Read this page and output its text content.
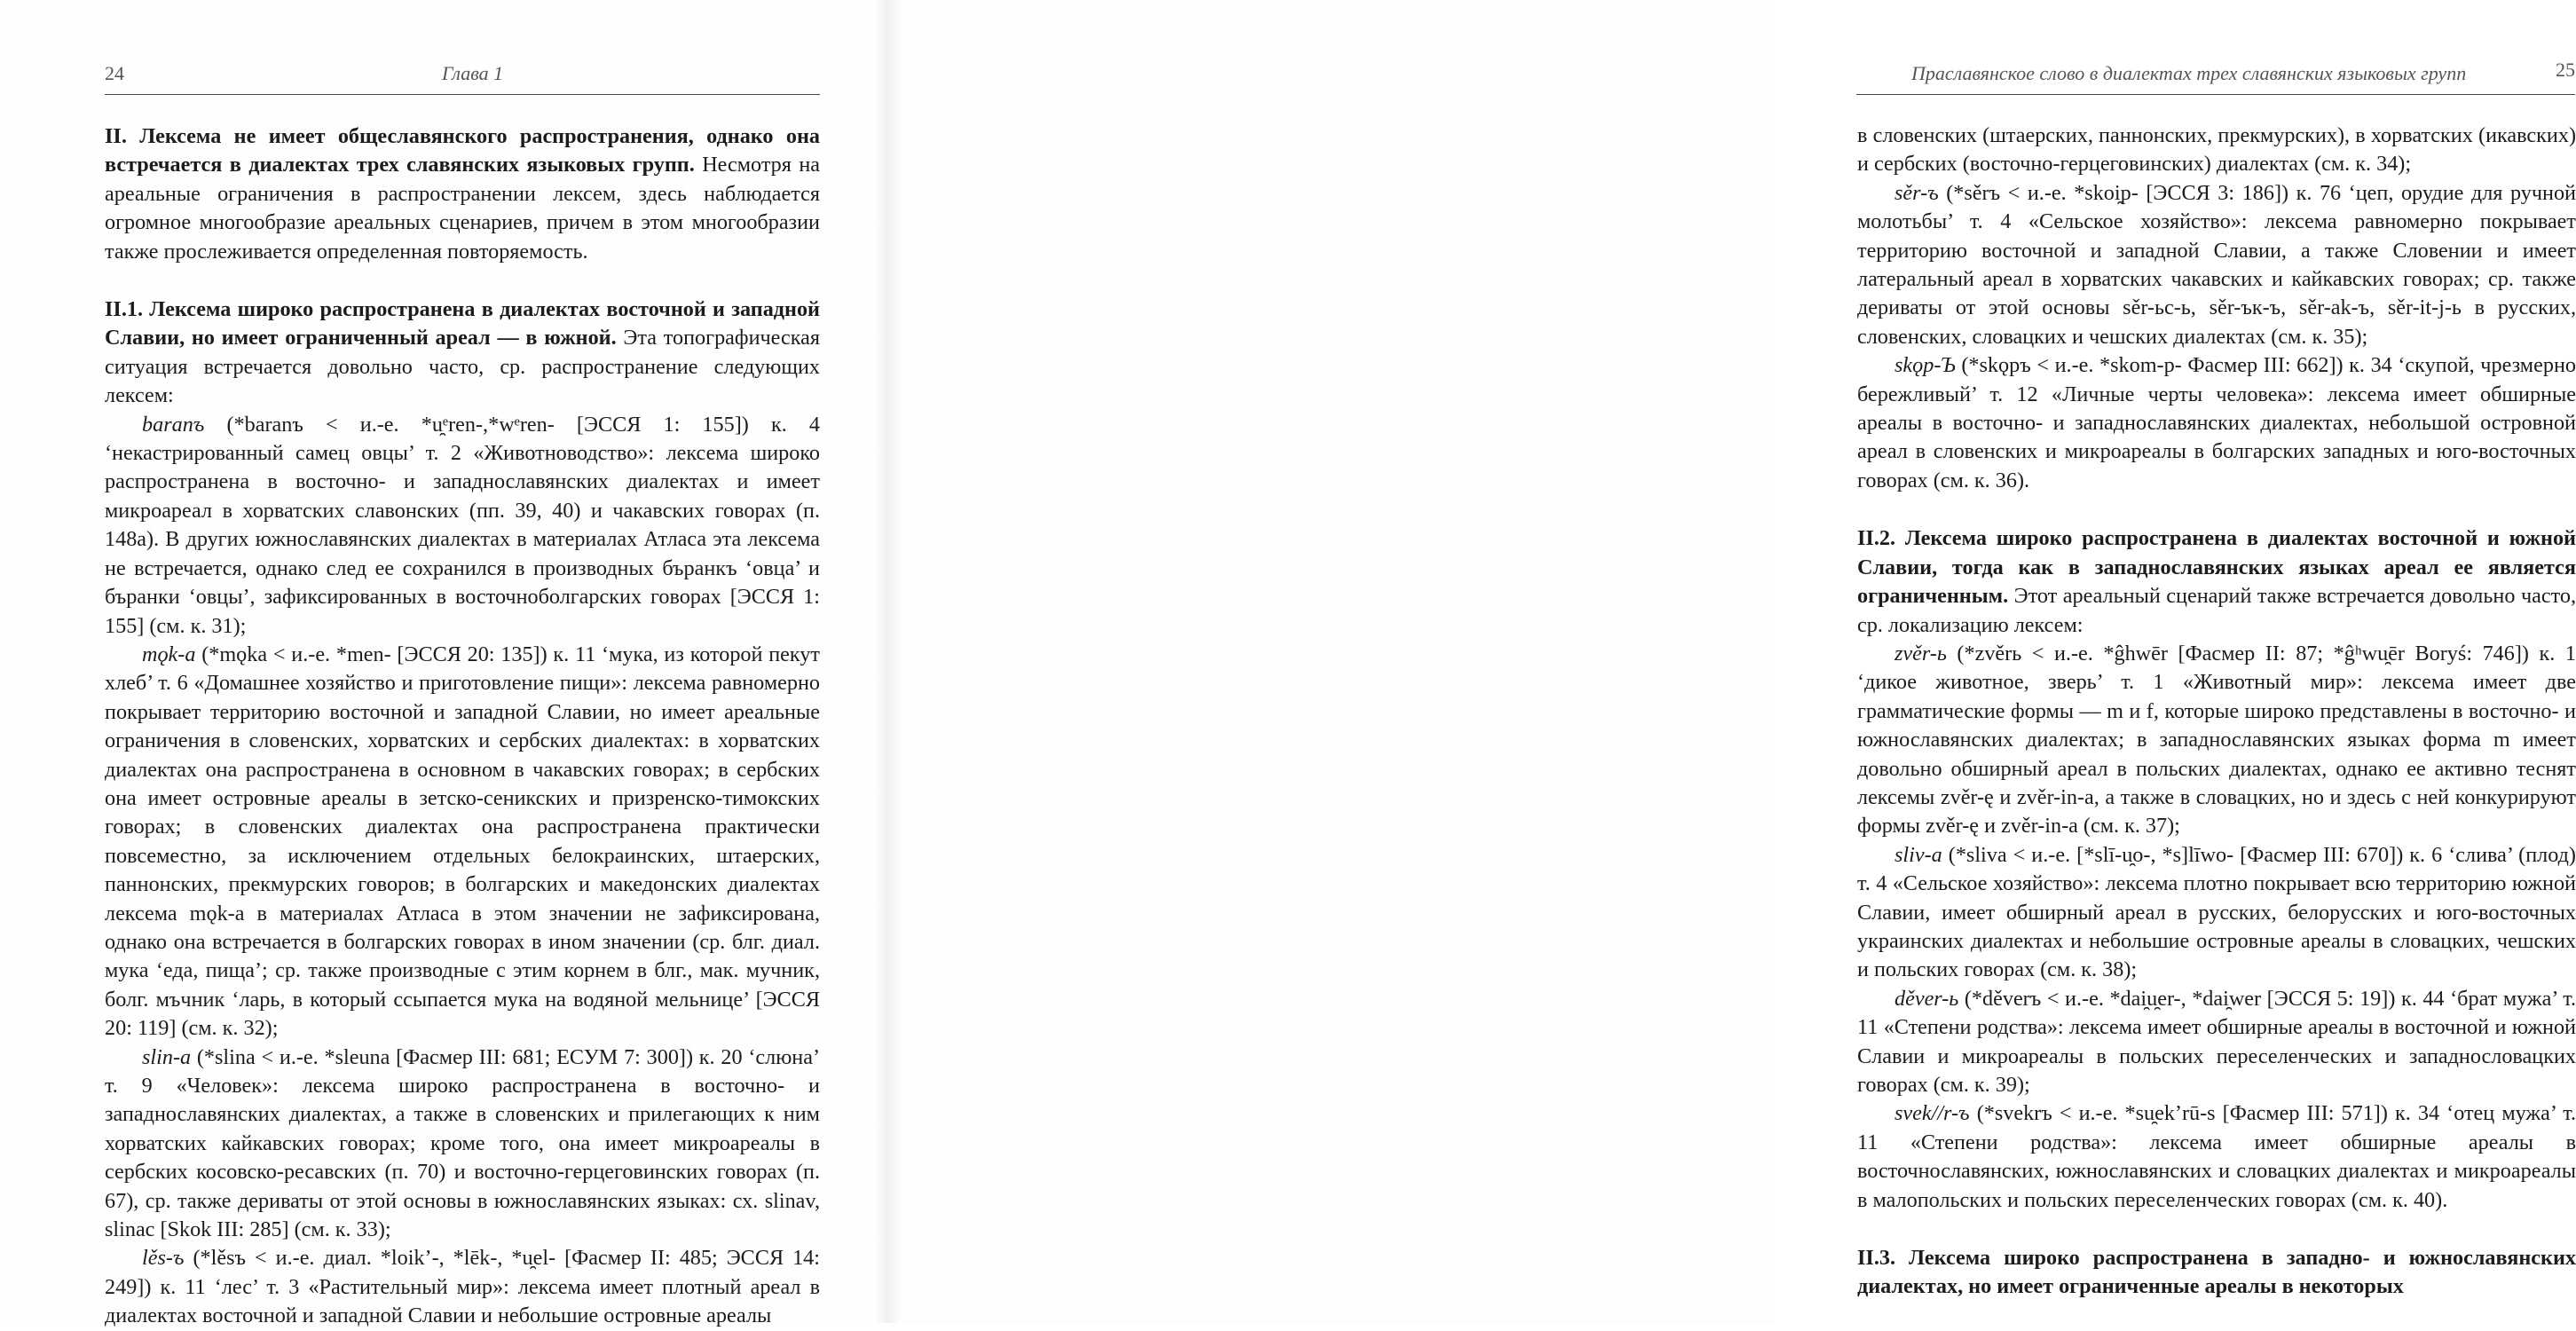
24	Глава 1

II. Лексема не имеет общеславянского распространения, однако она встречается в диалектах трех славянских языковых групп. Несмотря на ареальные ограничения в распространении лексем, здесь наблюдается огромное многообразие ареальных сценариев, причем в этом многообразии также прослеживается определенная повторяемость.

II.1. Лексема широко распространена в диалектах восточной и западной Славии, но имеет ограниченный ареал — в южной. Эта топографическая ситуация встречается довольно часто, ср. распространение следующих лексем:

baranъ (*baranъ < и.-е. *u̯ᵉren-,*wᵉren- [ЭССЯ 1: 155]) к. 4 ‘некастрированный самец овцы’ т. 2 «Животноводство»: лексема широко распространена в восточно- и западнославянских диалектах и имеет микроареал в хорватских славонских (пп. 39, 40) и чакавских говорах (п. 148а). В других южнославянских диалектах в материалах Атласа эта лексема не встречается, однако след ее сохранился в производных бъранкъ ‘овца’ и бъранки ‘овцы’, зафиксированных в восточноболгарских говорах [ЭССЯ 1: 155] (см. к. 31);

mǫk-a (*mǫka < и.-е. *men- [ЭССЯ 20: 135]) к. 11 ‘мука, из которой пекут хлеб’ т. 6 «Домашнее хозяйство и приготовление пищи»: лексема равномерно покрывает территорию восточной и западной Славии, но имеет ареальные ограничения в словенских, хорватских и сербских диалектах: в хорватских диалектах она распространена в основном в чакавских говорах; в сербских она имеет островные ареалы в зетско-сеникских и призренско-тимокских говорах; в словенских диалектах она распространена практически повсеместно, за исключением отдельных белокраинских, штаерских, паннонских, прекмурских говоров; в болгарских и македонских диалектах лексема mǫk-a в материалах Атласа в этом значении не зафиксирована, однако она встречается в болгарских говорах в ином значении (ср. блг. диал. мука ‘еда, пища’; ср. также производные с этим корнем в блг., мак. мучник, болг. мъчник ‘ларь, в который ссыпается мука на водяной мельнице’ [ЭССЯ 20: 119] (см. к. 32);

slin-a (*slina < и.-е. *sleuna [Фасмер III: 681; ЕСУМ 7: 300]) к. 20 ‘слюна’ т. 9 «Человек»: лексема широко распространена в восточно- и западнославянских диалектах, а также в словенских и прилегающих к ним хорватских кайкавских говорах; кроме того, она имеет микроареалы в сербских косовско-ресавских (п. 70) и восточно-герцеговинских говорах (п. 67), ср. также дериваты от этой основы в южнославянских языках: сх. slinav, slinac [Skok III: 285] (см. к. 33);

lěs-ъ (*lěsъ < и.-е. диал. *loik’-, *lēk-, *u̯el- [Фасмер II: 485; ЭССЯ 14: 249]) к. 11 ‘лес’ т. 3 «Растительный мир»: лексема имеет плотный ареал в диалектах восточной и западной Славии и небольшие островные ареалы

Праславянское слово в диалектах трех славянских языковых групп	25

в словенских (штаерских, паннонских, прекмурских), в хорватских (икавских) и сербских (восточно-герцеговинских) диалектах (см. к. 34);

sěr-ъ (*sěrъ < и.-е. *skoi̯p- [ЭССЯ 3: 186]) к. 76 ‘цеп, орудие для ручной молотьбы’ т. 4 «Сельское хозяйство»: лексема равномерно покрывает территорию восточной и западной Славии, а также Словении и имеет латеральный ареал в хорватских чакавских и кайкавских говорах; ср. также дериваты от этой основы sěr-ьс-ь, sěr-ък-ъ, sěr-ak-ъ, sěr-it-j-ь в русских, словенских, словацких и чешских диалектах (см. к. 35);

skǫp-Ъ (*skǫpъ < и.-е. *skom-p- Фасмер III: 662]) к. 34 ‘скупой, чрезмерно бережливый’ т. 12 «Личные черты человека»: лексема имеет обширные ареалы в восточно- и западнославянских диалектах, небольшой островной ареал в словенских и микроареалы в болгарских западных и юго-восточных говорах (см. к. 36).

II.2. Лексема широко распространена в диалектах восточной и южной Славии, тогда как в западнославянских языках ареал ее является ограниченным. Этот ареальный сценарий также встречается довольно часто, ср. локализацию лексем:

zvěr-ь (*zvěrь < и.-е. *ĝhwēr [Фасмер II: 87; *ĝʰwu̯ēr Boryś: 746]) к. 1 ‘дикое животное, зверь’ т. 1 «Животный мир»: лексема имеет две грамматические формы — m и f, которые широко представлены в восточно- и южнославянских диалектах; в западнославянских языках форма m имеет довольно обширный ареал в польских диалектах, однако ее активно теснят лексемы zvěr-ę и zvěr-in-a, а также в словацких, но и здесь с ней конкурируют формы zvěr-ę и zvěr-in-a (см. к. 37);

sliv-a (*sliva < и.-е. [*slī-u̯o-, *s]līwo- [Фасмер III: 670]) к. 6 ‘слива’ (плод) т. 4 «Сельское хозяйство»: лексема плотно покрывает всю территорию южной Славии, имеет обширный ареал в русских, белорусских и юго-восточных украинских диалектах и небольшие островные ареалы в словацких, чешских и польских говорах (см. к. 38);

děver-ь (*děverъ < и.-е. *dai̯u̯er-, *dai̯wer [ЭССЯ 5: 19]) к. 44 ‘брат мужа’ т. 11 «Степени родства»: лексема имеет обширные ареалы в восточной и южной Славии и микроареалы в польских переселенческих и западнословацких говорах (см. к. 39);

svek//r-ъ (*svekrъ < и.-е. *su̯ek’rū-s [Фасмер III: 571]) к. 34 ‘отец мужа’ т. 11 «Степени родства»: лексема имеет обширные ареалы в восточнославянских, южнославянских и словацких диалектах и микроареалы в малопольских и польских переселенческих говорах (см. к. 40).

II.3. Лексема широко распространена в западно- и южнославянских диалектах, но имеет ограниченные ареалы в некоторых
